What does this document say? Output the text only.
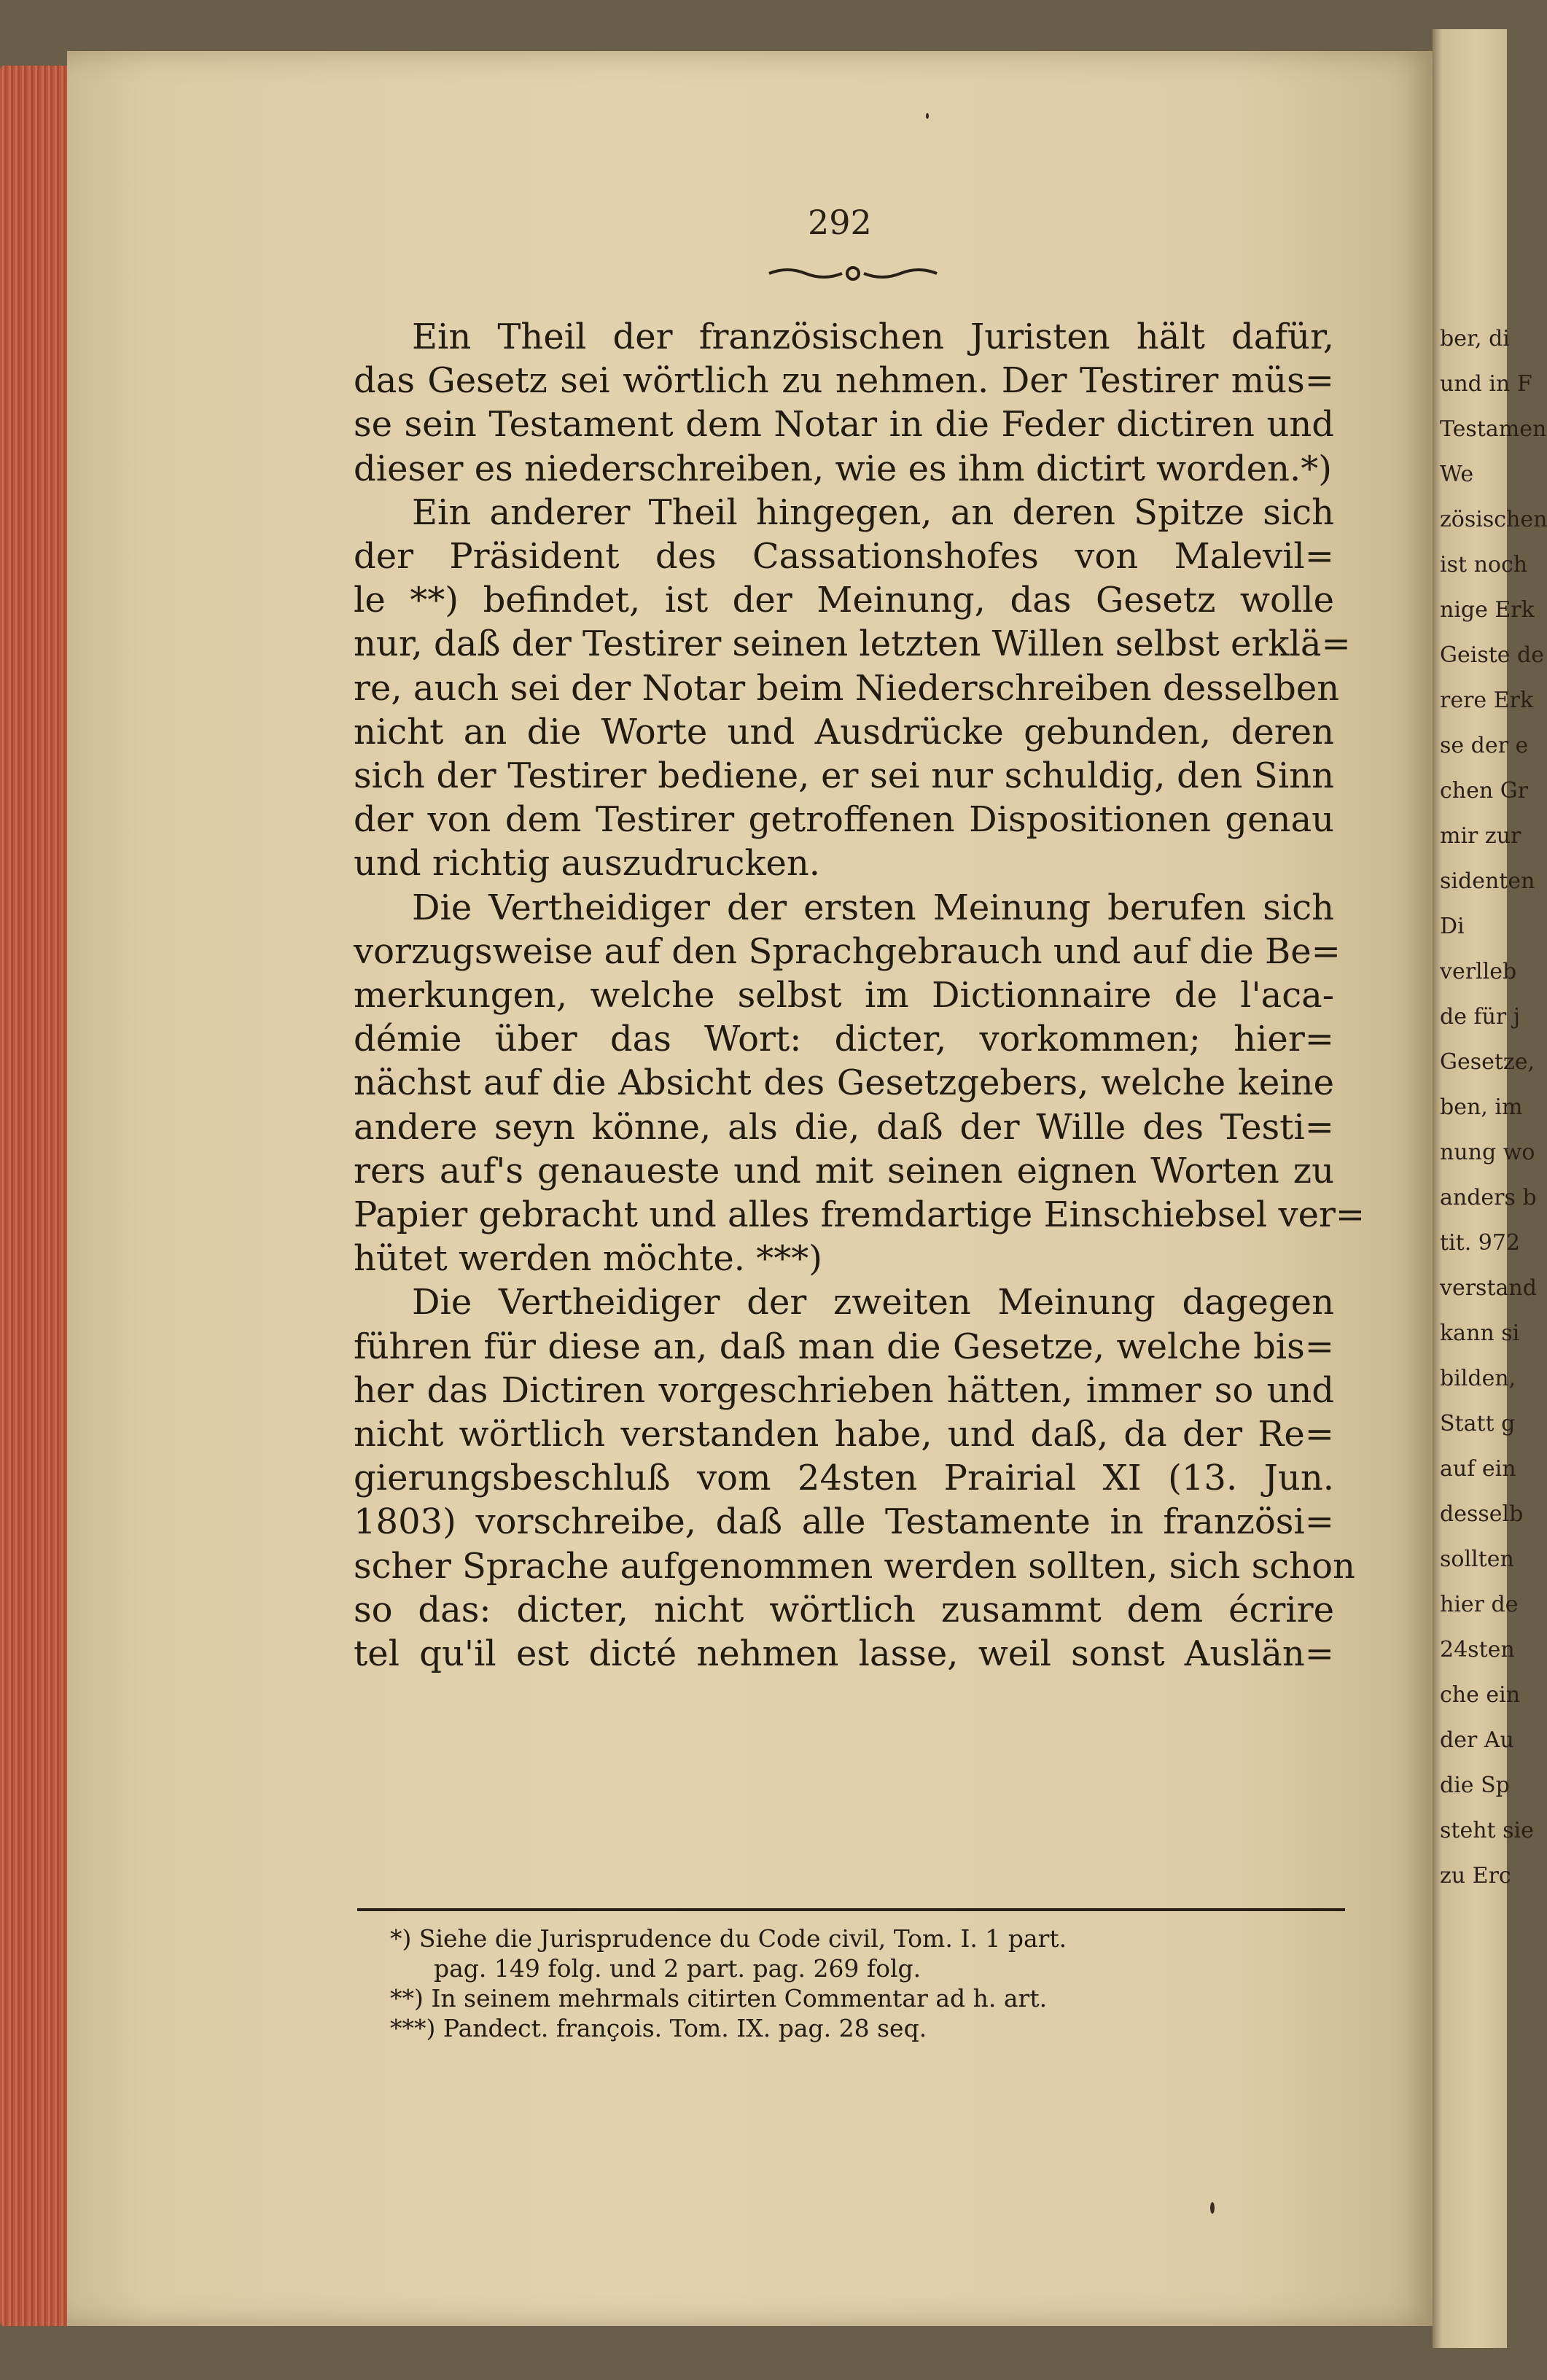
ber, di
und in F
Testamen
We
zösischen
ist noch
nige Erk
Geiste de
rere Erk
se der e
chen Gr
mir zur
sidenten
Di
verlleb
de für j
Gesetze,
ben, im
nung wo
anders b
tit. 972
verstand
kann si
bilden,
Statt g
auf ein
desselb
sollten
hier de
24sten
che ein
der Au
die Sp
steht sie
zu Erc
292
Ein Theil der französischen Juristen hält dafür,
das Gesetz sei wörtlich zu nehmen. Der Testirer müs=
se sein Testament dem Notar in die Feder dictiren und
dieser es niederschreiben, wie es ihm dictirt worden.*)
Ein anderer Theil hingegen, an deren Spitze sich
der Präsident des Cassationshofes von Malevil=
le **) befindet, ist der Meinung, das Gesetz wolle
nur, daß der Testirer seinen letzten Willen selbst erklä=
re, auch sei der Notar beim Niederschreiben desselben
nicht an die Worte und Ausdrücke gebunden, deren
sich der Testirer bediene, er sei nur schuldig, den Sinn
der von dem Testirer getroffenen Dispositionen genau
und richtig auszudrucken.
Die Vertheidiger der ersten Meinung berufen sich
vorzugsweise auf den Sprachgebrauch und auf die Be=
merkungen, welche selbst im Dictionnaire de l'aca-
démie über das Wort: dicter, vorkommen; hier=
nächst auf die Absicht des Gesetzgebers, welche keine
andere seyn könne, als die, daß der Wille des Testi=
rers auf's genaueste und mit seinen eignen Worten zu
Papier gebracht und alles fremdartige Einschiebsel ver=
hütet werden möchte. ***)
Die Vertheidiger der zweiten Meinung dagegen
führen für diese an, daß man die Gesetze, welche bis=
her das Dictiren vorgeschrieben hätten, immer so und
nicht wörtlich verstanden habe, und daß, da der Re=
gierungsbeschluß vom 24sten Prairial XI (13. Jun.
1803) vorschreibe, daß alle Testamente in französi=
scher Sprache aufgenommen werden sollten, sich schon
so das: dicter, nicht wörtlich zusammt dem écrire
tel qu'il est dicté nehmen lasse, weil sonst Auslän=
*) Siehe die Jurisprudence du Code civil, Tom. I. 1 part.
pag. 149 folg. und 2 part. pag. 269 folg.
**) In seinem mehrmals citirten Commentar ad h. art.
***) Pandect. françois. Tom. IX. pag. 28 seq.
